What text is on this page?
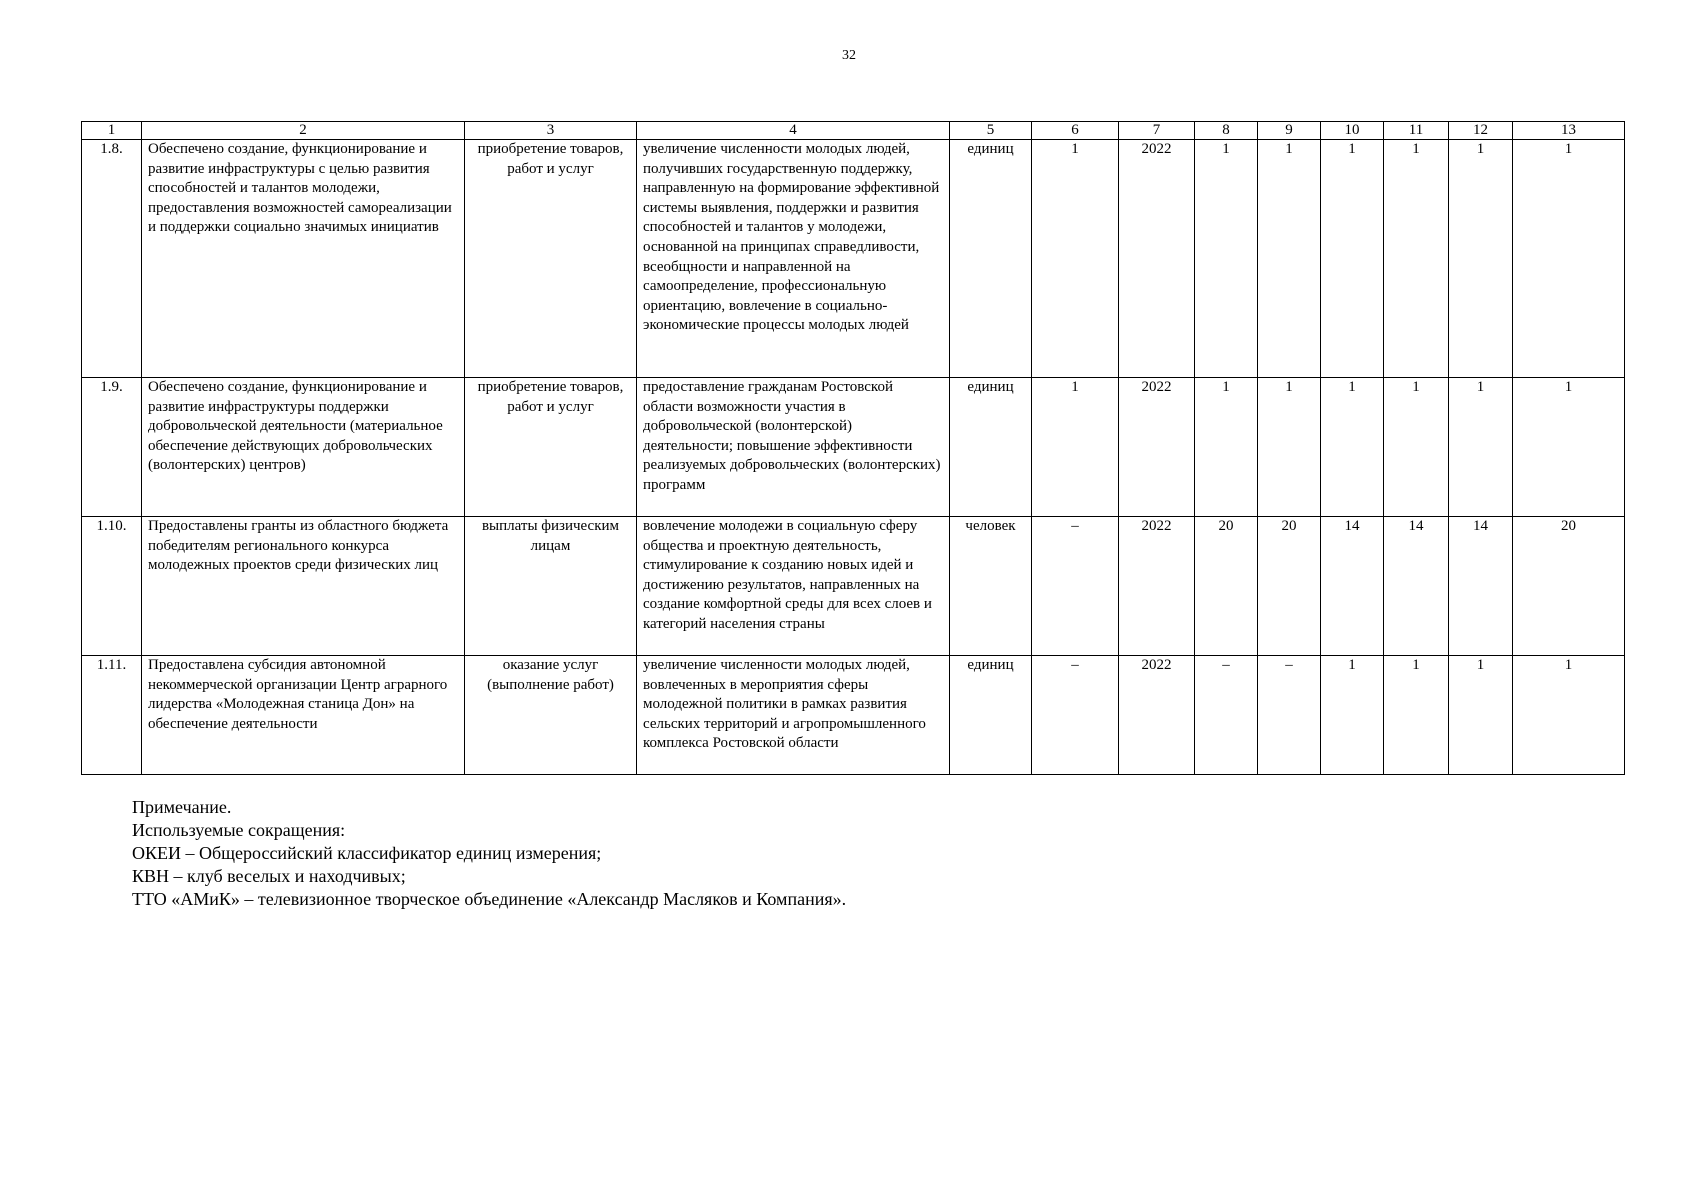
32
1	2	3	4	5	6	7	8	9	10	11	12	13
1.8.	Обеспечено создание, функционирование и развитие инфраструктуры с целью развития способностей и талантов молодежи, предоставления возможностей самореализации и поддержки социально значимых инициатив	приобретение товаров, работ и услуг	увеличение численности молодых людей, получивших государственную поддержку, направленную на формирование эффективной системы выявления, поддержки и развития способностей и талантов у молодежи, основанной на принципах справедливости, всеобщности и направленной на самоопределение, профессиональную ориентацию, вовлечение в социально-экономические процессы молодых людей	единиц	1	2022	1	1	1	1	1	1
1.9.	Обеспечено создание, функционирование и развитие инфраструктуры поддержки добровольческой деятельности (материальное обеспечение действующих добровольческих (волонтерских) центров)	приобретение товаров, работ и услуг	предоставление гражданам Ростовской области возможности участия в добровольческой (волонтерской) деятельности; повышение эффективности реализуемых добровольческих (волонтерских) программ	единиц	1	2022	1	1	1	1	1	1
1.10.	Предоставлены гранты из областного бюджета победителям регионального конкурса молодежных проектов среди физических лиц	выплаты физическим лицам	вовлечение молодежи в социальную сферу общества и проектную деятельность, стимулирование к созданию новых идей и достижению результатов, направленных на создание комфортной среды для всех слоев и категорий населения страны	человек	–	2022	20	20	14	14	14	20
1.11.	Предоставлена субсидия автономной некоммерческой организации Центр аграрного лидерства «Молодежная станица Дон» на обеспечение деятельности	оказание услуг (выполнение работ)	увеличение численности молодых людей, вовлеченных в мероприятия сферы молодежной политики в рамках развития сельских территорий и агропромышленного комплекса Ростовской области	единиц	–	2022	–	–	1	1	1	1
Примечание.
Используемые сокращения:
ОКЕИ – Общероссийский классификатор единиц измерения;
КВН – клуб веселых и находчивых;
ТТО «АМиК» – телевизионное творческое объединение «Александр Масляков и Компания».
